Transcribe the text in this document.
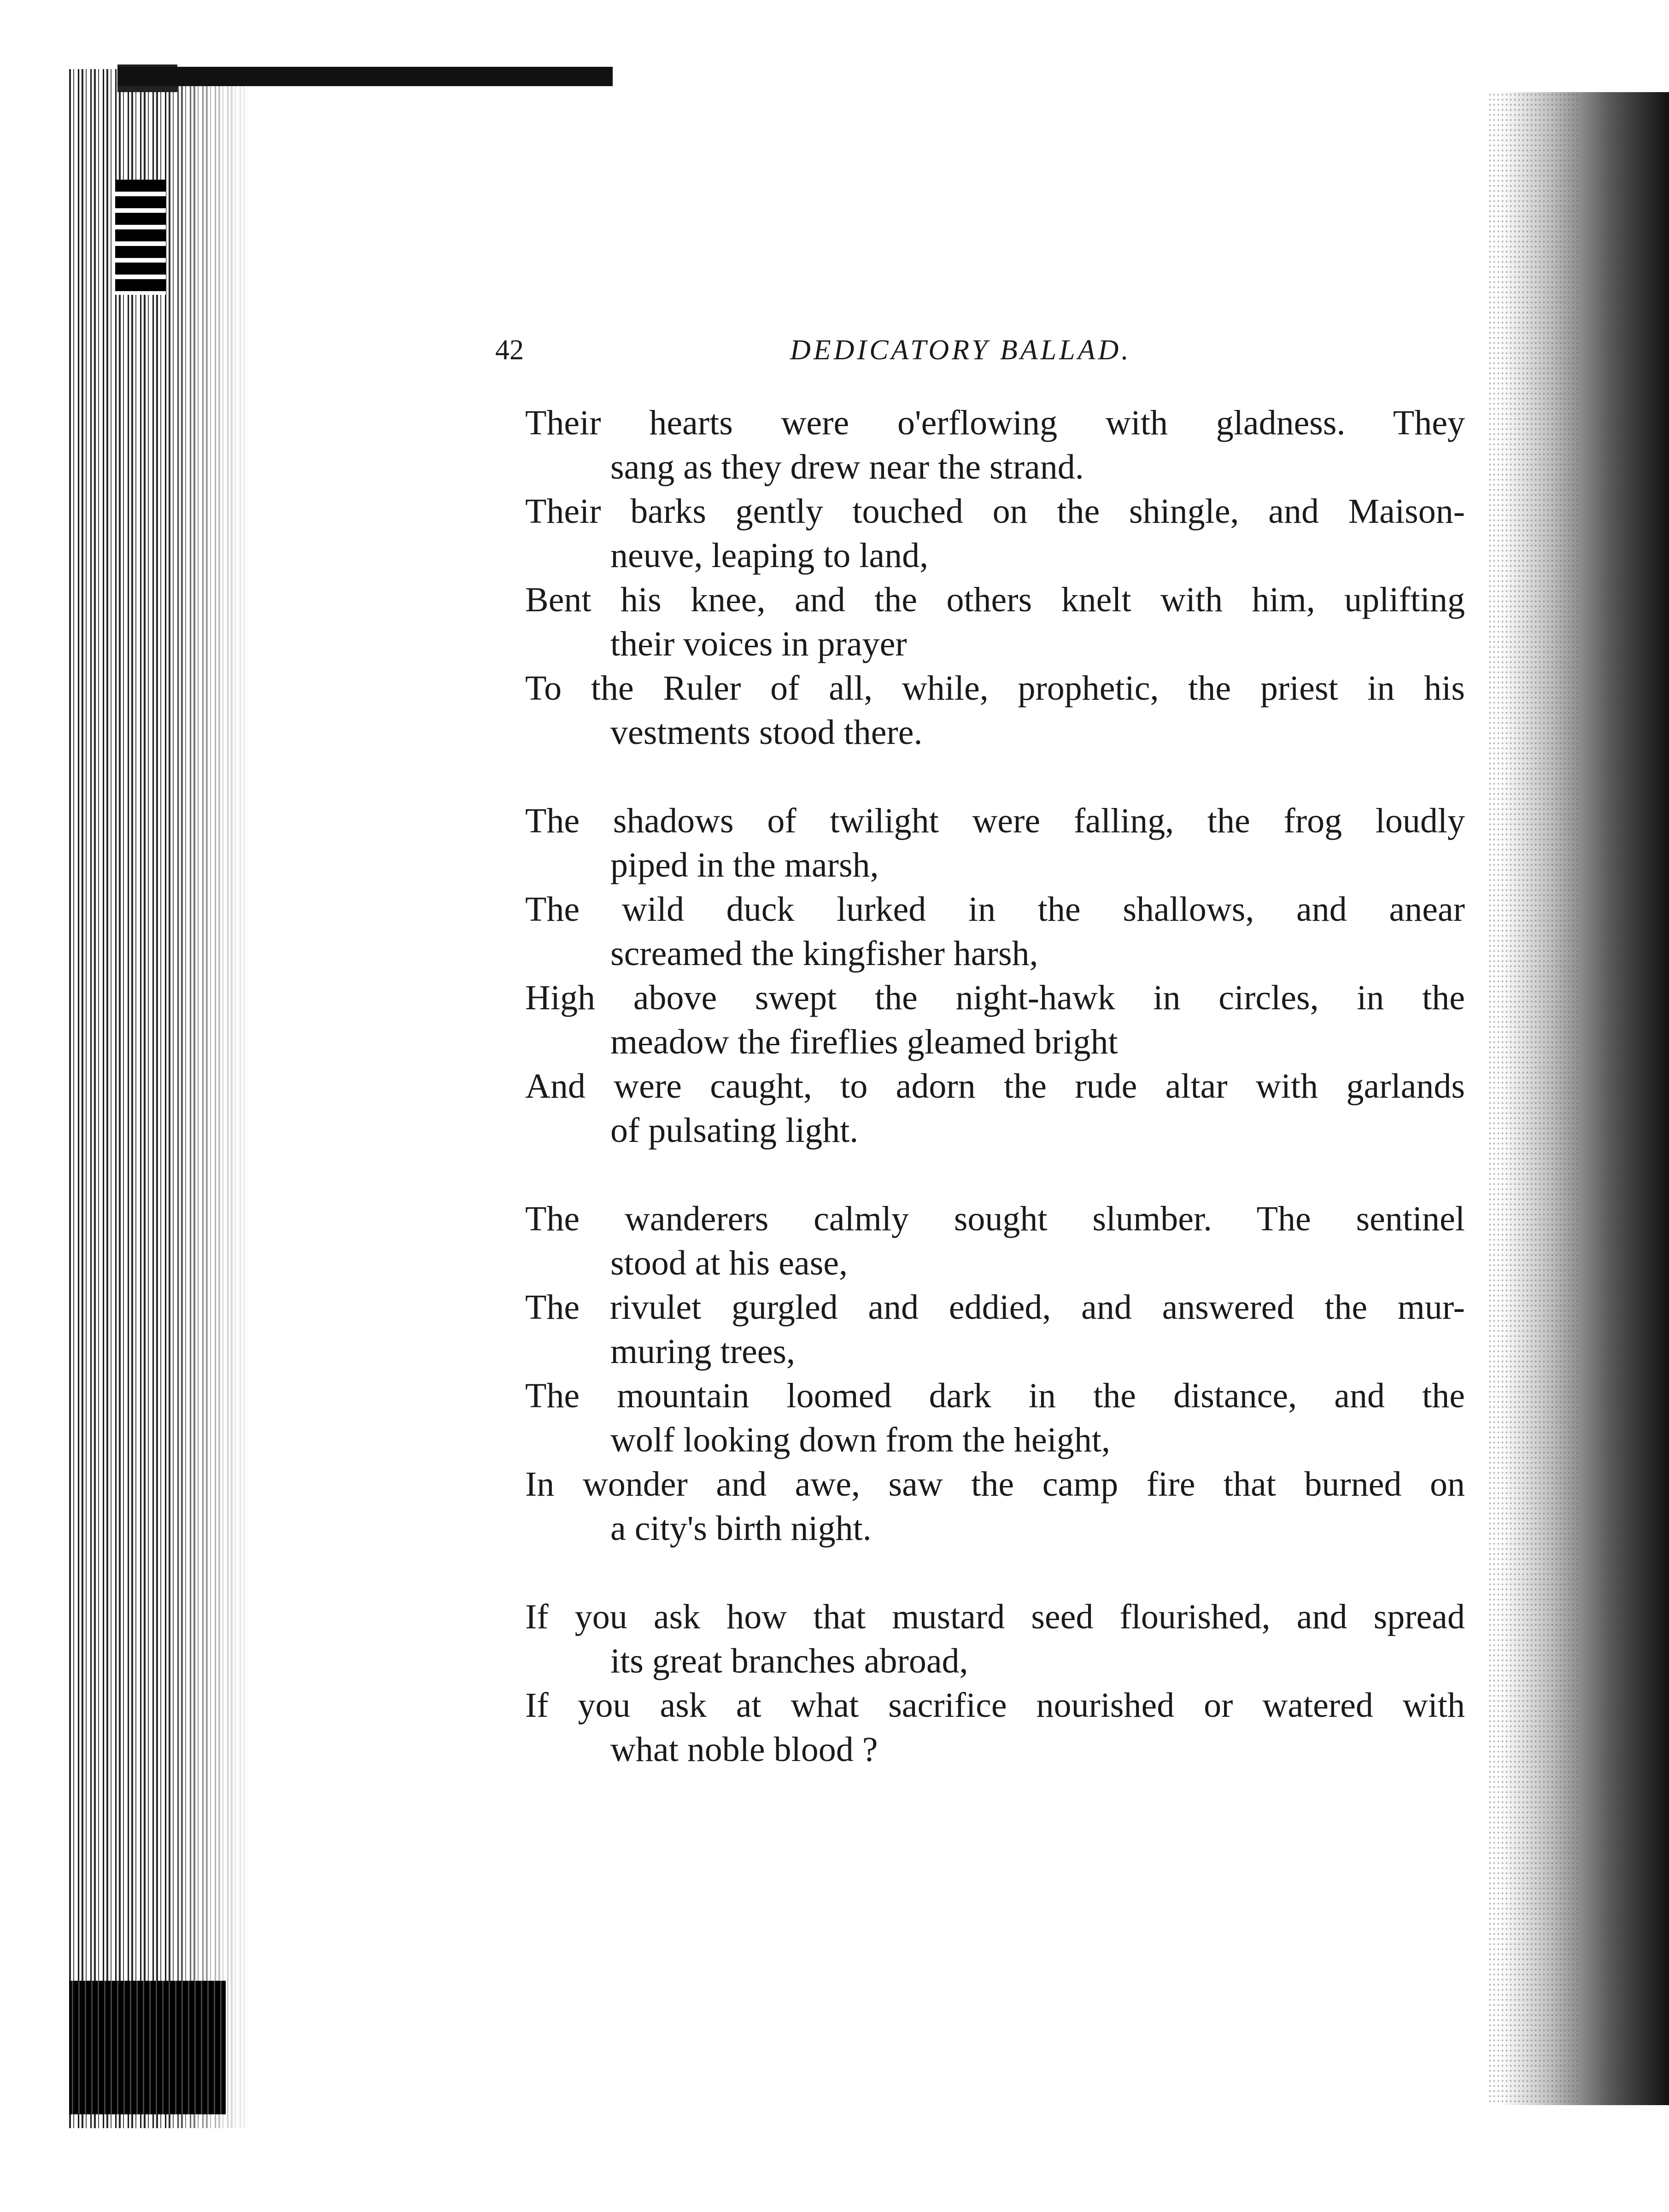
42	DEDICATORY BALLAD.

Their hearts were o'erflowing with gladness. They

sang as they drew near the strand.

Their barks gently touched on the shingle, and Maison-

neuve, leaping to land,

Bent his knee, and the others knelt with him, uplifting

their voices in prayer

To the Ruler of all, while, prophetic, the priest in his

vestments stood there.

The shadows of twilight were falling, the frog loudly

piped in the marsh,

The wild duck lurked in the shallows, and anear

screamed the kingfisher harsh,

High above swept the night-hawk in circles, in the

meadow the fireflies gleamed bright

And were caught, to adorn the rude altar with garlands

of pulsating light.

The wanderers calmly sought slumber. The sentinel

stood at his ease,

The rivulet gurgled and eddied, and answered the mur-

muring trees,

The mountain loomed dark in the distance, and the

wolf looking down from the height,

In wonder and awe, saw the camp fire that burned on

a city's birth night.

If you ask how that mustard seed flourished, and spread

its great branches abroad,

If you ask at what sacrifice nourished or watered with

what noble blood ?
